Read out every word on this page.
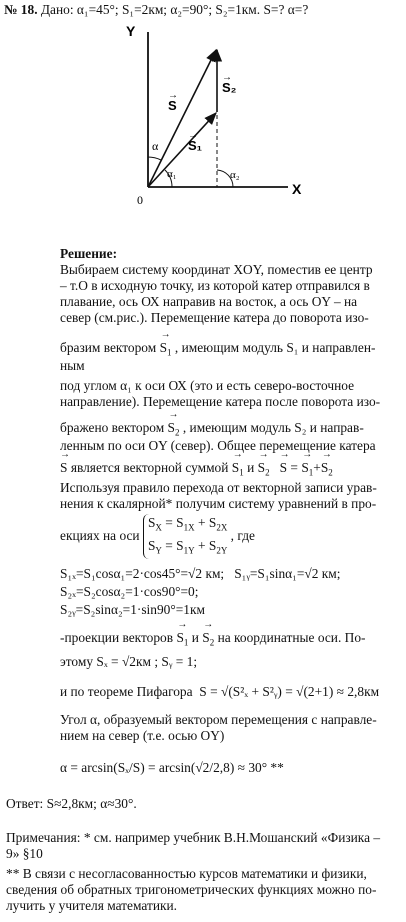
№ 18. Дано: α₁=45°; S₁=2км; α₂=90°; S₂=1км. S=? α=?
Y
X
0
S
→
S₁
→
S₂
→
α
α₁	α₂
Решение:
Выбираем систему координат XOY, поместив ее центр
– т.О в исходную точку, из которой катер отправился в
плавание, ось ОХ направив на восток, а ось OY – на
север (см.рис.). Перемещение катера до поворота изо-
бразим вектором → $S_1$ , имеющим модуль S₁ и направлен-
ным
под углом α₁ к оси ОХ (это и есть северо-восточное
направление). Перемещение катера после поворота изо-
бражено вектором → $S_2$ , имеющим модуль S₂ и направ-
ленным по оси OY (север). Общее перемещение катера
→ S является векторной суммой → $S_1$ $и \to S_2 \to S$ = → $S_1+\to S_2$
Используя правило перехода от векторной записи урав-
нения к скалярной* получим систему уравнений в про-
екциях на оси $S_X = S_{1X} + S_{2X}$
$S_Y = S_{1Y} + S_{2Y}$ , где
S₁ₓ=S₁cosα₁=2·cos45°=√2 км; S₁ᵧ=S₁sinα₁=√2 км;
S₂ₓ=S₂cosα₂=1·cos90°=0;
S₂ᵧ=S₂sinα₂=1·sin90°=1км
-проекции векторов → $S_1$ $и \to S_2$ на координатные оси. По-
этому Sₓ = √2км ; Sᵧ = 1;
и по теореме Пифагора S = √(S²ₓ + S²ᵧ) = √(2+1) ≈ 2,8км
Угол α, образуемый вектором перемещения с направле-
нием на север (т.е. осью OY)
α = arcsin(Sₓ/S) = arcsin(√2/2,8) ≈ 30° **
Ответ: S≈2,8км; α≈30°.
Примечания: * см. например учебник В.Н.Мошанский «Физика –
9» §10
** В связи с несогласованностью курсов математики и физики,
сведения об обратных тригонометрических функциях можно по-
лучить у учителя математики.
